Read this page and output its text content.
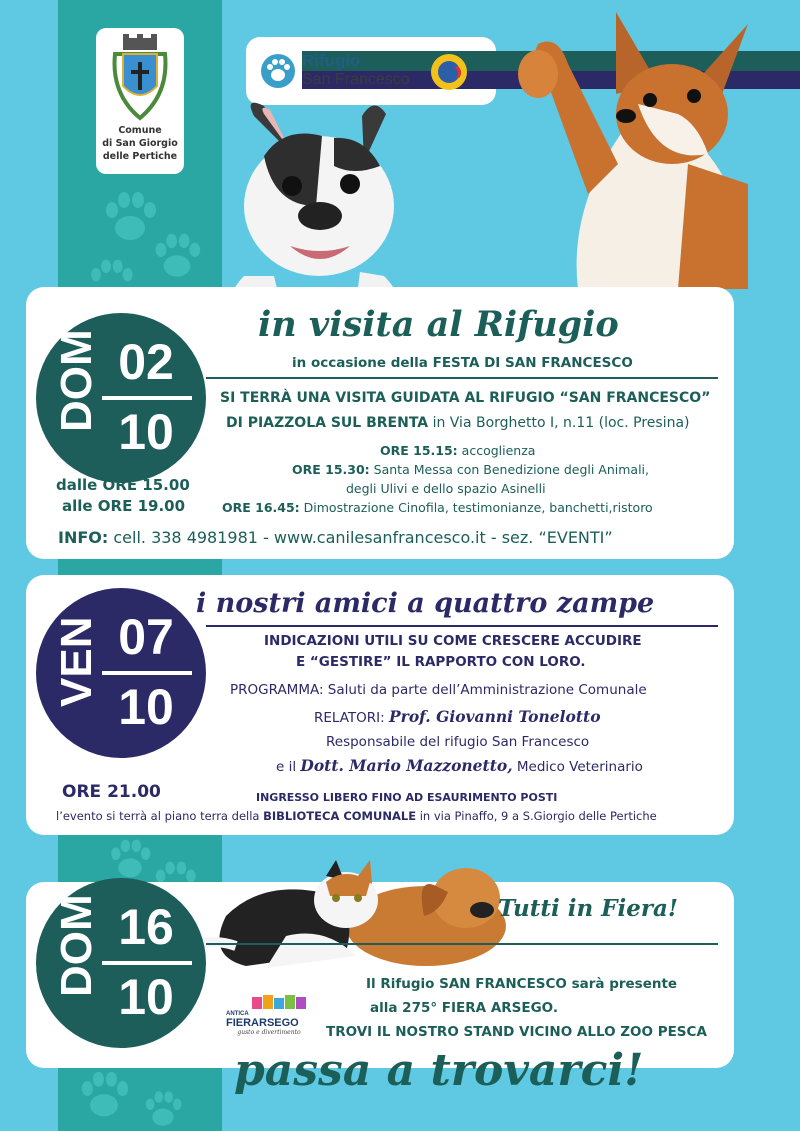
Comune
di San Giorgio
delle Pertiche
Rifugio
San Francesco
DOM 02
10
in visita al Rifugio
in occasione della FESTA DI SAN FRANCESCO
SI TERRÀ UNA VISITA GUIDATA AL RIFUGIO “SAN FRANCESCO”
DI PIAZZOLA SUL BRENTA in Via Borghetto I, n.11 (loc. Presina)
ORE 15.15: accoglienza
ORE 15.30: Santa Messa con Benedizione degli Animali,
degli Ulivi e dello spazio Asinelli
ORE 16.45: Dimostrazione Cinofila, testimonianze, banchetti,ristoro
dalle ORE 15.00
alle ORE 19.00
INFO: cell. 338 4981981 - www.canilesanfrancesco.it - sez. “EVENTI”
VEN 07
10
i nostri amici a quattro zampe
INDICAZIONI UTILI SU COME CRESCERE ACCUDIRE
E “GESTIRE” IL RAPPORTO CON LORO.
PROGRAMMA: Saluti da parte dell’Amministrazione Comunale
RELATORI: Prof. Giovanni Tonelotto
Responsabile del rifugio San Francesco
e il Dott. Mario Mazzonetto, Medico Veterinario
ORE 21.00	INGRESSO LIBERO FINO AD ESAURIMENTO POSTI
l’evento si terrà al piano terra della BIBLIOTECA COMUNALE in via Pinaffo, 9 a S.Giorgio delle Pertiche
DOM 16
10
Tutti in Fiera!
Il Rifugio SAN FRANCESCO sarà presente
alla 275° FIERA ARSEGO.
TROVI IL NOSTRO STAND VICINO ALLO ZOO PESCA
ANTICA
FIERARSEGO
gusto e divertimento
passa a trovarci!
